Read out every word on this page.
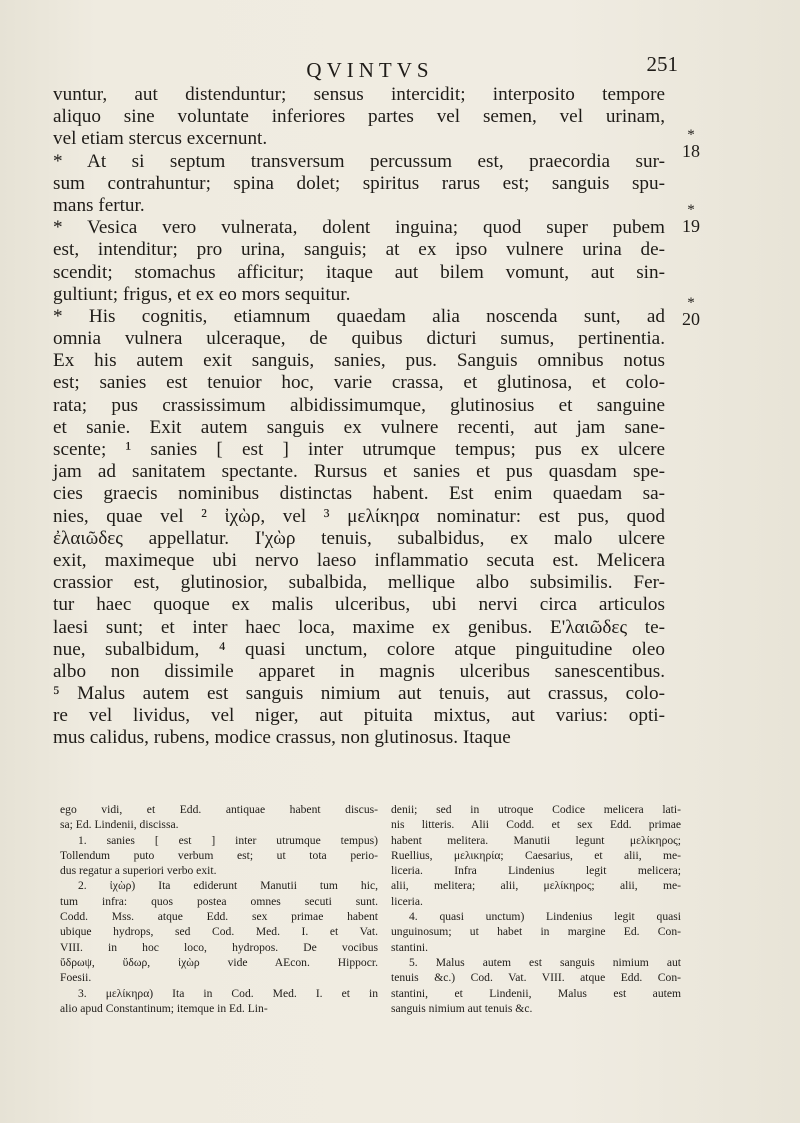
QVINTVS	251
*
18
*
19
*
20
vuntur, aut distenduntur; sensus intercidit; interposito tempore
aliquo sine voluntate inferiores partes vel semen, vel urinam,
vel etiam stercus excernunt.
* At si septum transversum percussum est, praecordia sur-
sum contrahuntur; spina dolet; spiritus rarus est; sanguis spu-
mans fertur.
* Vesica vero vulnerata, dolent inguina; quod super pubem
est, intenditur; pro urina, sanguis; at ex ipso vulnere urina de-
scendit; stomachus afficitur; itaque aut bilem vomunt, aut sin-
gultiunt; frigus, et ex eo mors sequitur.
* His cognitis, etiamnum quaedam alia noscenda sunt, ad
omnia vulnera ulceraque, de quibus dicturi sumus, pertinentia.
Ex his autem exit sanguis, sanies, pus. Sanguis omnibus notus
est; sanies est tenuior hoc, varie crassa, et glutinosa, et colo-
rata; pus crassissimum albidissimumque, glutinosius et sanguine
et sanie. Exit autem sanguis ex vulnere recenti, aut jam sane-
scente; ¹ sanies [ est ] inter utrumque tempus; pus ex ulcere
jam ad sanitatem spectante. Rursus et sanies et pus quasdam spe-
cies graecis nominibus distinctas habent. Est enim quaedam sa-
nies, quae vel ² ἰχὼρ, vel ³ μελίκηρα nominatur: est pus, quod
ἐλαιῶδες appellatur. Ι'χὼρ tenuis, subalbidus, ex malo ulcere
exit, maximeque ubi nervo laeso inflammatio secuta est. Melicera
crassior est, glutinosior, subalbida, mellique albo subsimilis. Fer-
tur haec quoque ex malis ulceribus, ubi nervi circa articulos
laesi sunt; et inter haec loca, maxime ex genibus. Ε'λαιῶδες te-
nue, subalbidum, ⁴ quasi unctum, colore atque pinguitudine oleo
albo non dissimile apparet in magnis ulceribus sanescentibus.
⁵ Malus autem est sanguis nimium aut tenuis, aut crassus, colo-
re vel lividus, vel niger, aut pituita mixtus, aut varius: opti-
mus calidus, rubens, modice crassus, non glutinosus. Itaque
ego vidi, et Edd. antiquae habent discus-
sa; Ed. Lindenii, discissa.
1. sanies [ est ] inter utrumque tempus)
Tollendum puto verbum est; ut tota perio-
dus regatur a superiori verbo exit.
2. ἰχὼρ) Ita ediderunt Manutii tum hic,
tum infra: quos postea omnes secuti sunt.
Codd. Mss. atque Edd. sex primae habent
ubique hydrops, sed Cod. Med. I. et Vat.
VIII. in hoc loco, hydropos. De vocibus
ὕδρωψ, ὕδωρ, ἰχὼρ vide AEcon. Hippocr.
Foesii.
3. μελίκηρα) Ita in Cod. Med. I. et in
alio apud Constantinum; itemque in Ed. Lin-
denii; sed in utroque Codice melicera lati-
nis litteris. Alii Codd. et sex Edd. primae
habent melitera. Manutii legunt μελίκηρος;
Ruellius, μελικηρία; Caesarius, et alii, me-
liceria. Infra Lindenius legit melicera;
alii, melitera; alii, μελίκηρος; alii, me-
liceria.
4. quasi unctum) Lindenius legit quasi
unguinosum; ut habet in margine Ed. Con-
stantini.
5. Malus autem est sanguis nimium aut
tenuis &c.) Cod. Vat. VIII. atque Edd. Con-
stantini, et Lindenii, Malus est autem
sanguis nimium aut tenuis &c.
